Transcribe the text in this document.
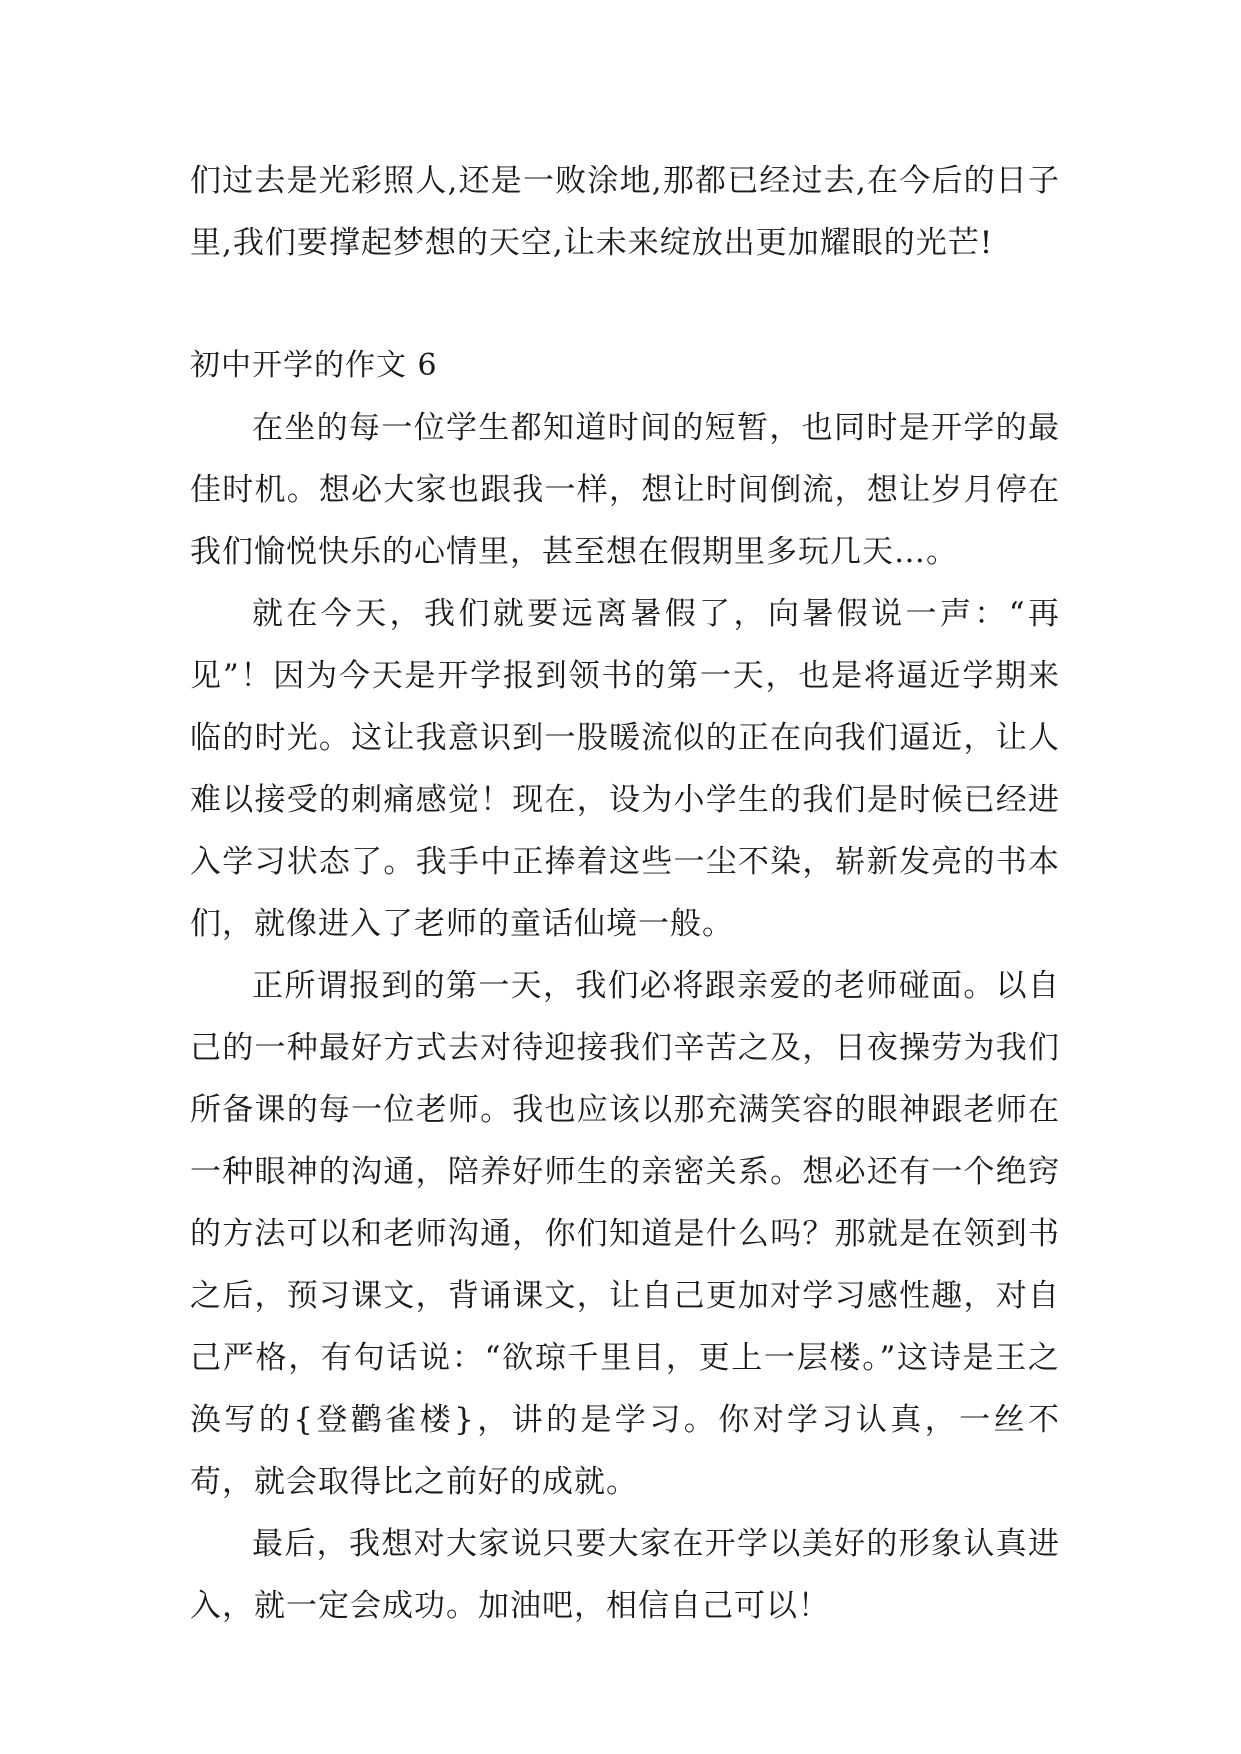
们过去是光彩照人,还是一败涂地,那都已经过去,在今后的日子里,我们要撑起梦想的天空,让未来绽放出更加耀眼的光芒!

初中开学的作文 6

在坐的每一位学生都知道时间的短暂，也同时是开学的最佳时机。想必大家也跟我一样，想让时间倒流，想让岁月停在我们愉悦快乐的心情里，甚至想在假期里多玩几天…。

就在今天，我们就要远离暑假了，向暑假说一声：“再见”！因为今天是开学报到领书的第一天，也是将逼近学期来临的时光。这让我意识到一股暖流似的正在向我们逼近，让人难以接受的刺痛感觉！现在，设为小学生的我们是时候已经进入学习状态了。我手中正捧着这些一尘不染，崭新发亮的书本们，就像进入了老师的童话仙境一般。

正所谓报到的第一天，我们必将跟亲爱的老师碰面。以自己的一种最好方式去对待迎接我们辛苦之及，日夜操劳为我们所备课的每一位老师。我也应该以那充满笑容的眼神跟老师在一种眼神的沟通，陪养好师生的亲密关系。想必还有一个绝窍的方法可以和老师沟通，你们知道是什么吗？那就是在领到书之后，预习课文，背诵课文，让自己更加对学习感性趣，对自己严格，有句话说：“欲琼千里目，更上一层楼。”这诗是王之涣写的{登鹳雀楼}，讲的是学习。你对学习认真，一丝不苟，就会取得比之前好的成就。

最后，我想对大家说只要大家在开学以美好的形象认真进入，就一定会成功。加油吧，相信自己可以！
